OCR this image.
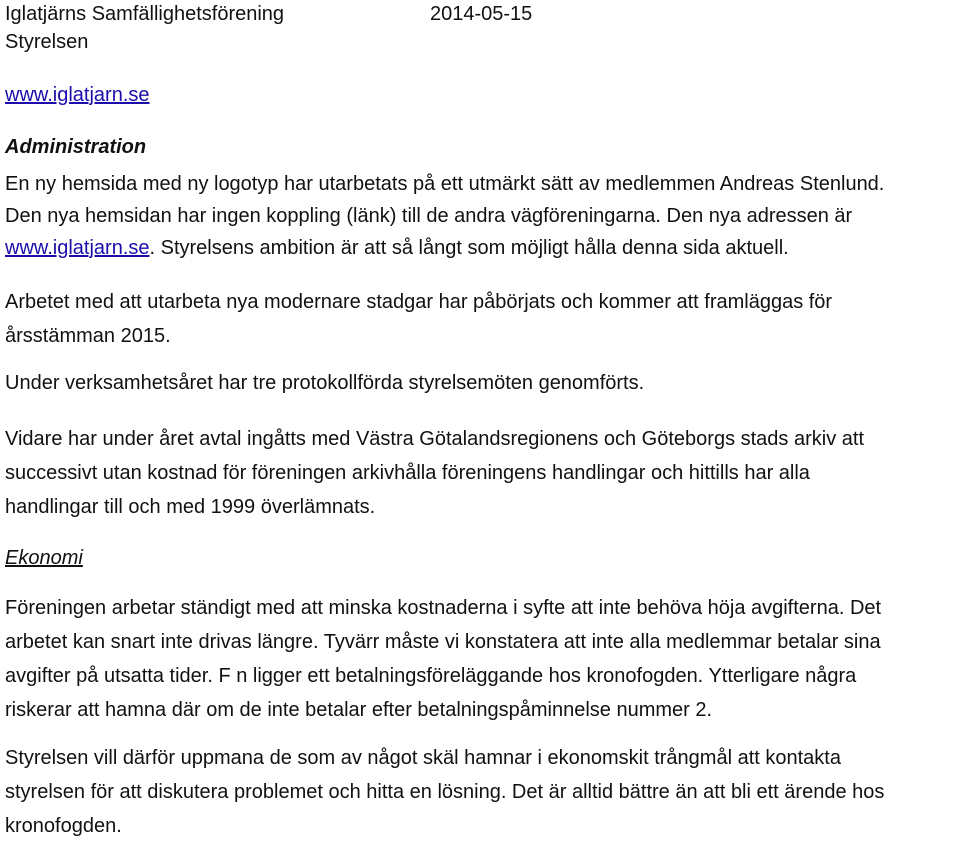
Iglatjärns Samfällighetsförening	2014-05-15
Styrelsen
www.iglatjarn.se
Administration
En ny hemsida med ny logotyp har utarbetats på ett utmärkt sätt av medlemmen Andreas Stenlund.
Den nya hemsidan har ingen koppling (länk) till de andra vägföreningarna. Den nya adressen är
www.iglatjarn.se. Styrelsens ambition är att så långt som möjligt hålla denna sida aktuell.
Arbetet med att utarbeta nya modernare stadgar har påbörjats och kommer att framläggas för
årsstämman 2015.
Under verksamhetsåret har tre protokollförda styrelsemöten genomförts.
Vidare har under året avtal ingåtts med Västra Götalandsregionens och Göteborgs stads arkiv att
successivt utan kostnad för föreningen arkivhålla föreningens handlingar och hittills har alla
handlingar till och med 1999 överlämnats.
Ekonomi
Föreningen arbetar ständigt med att minska kostnaderna i syfte att inte behöva höja avgifterna. Det
arbetet kan snart inte drivas längre. Tyvärr måste vi konstatera att inte alla medlemmar betalar sina
avgifter på utsatta tider. F n ligger ett betalningsföreläggande hos kronofogden. Ytterligare några
riskerar att hamna där om de inte betalar efter betalningspåminnelse nummer 2.
Styrelsen vill därför uppmana de som av något skäl hamnar i ekonomskit trångmål att kontakta
styrelsen för att diskutera problemet och hitta en lösning. Det är alltid bättre än att bli ett ärende hos
kronofogden.
